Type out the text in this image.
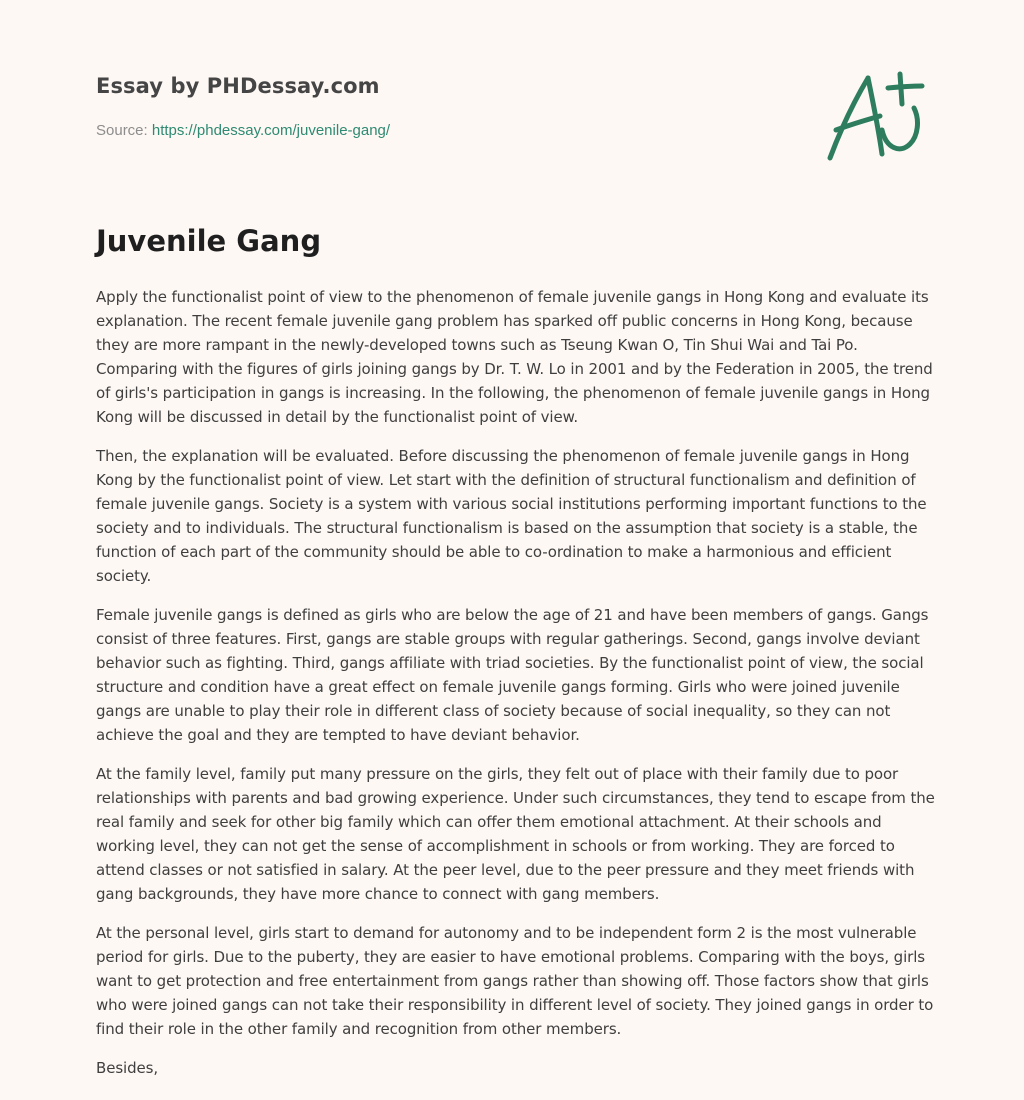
Essay by PHDessay.com
Source: https://phdessay.com/juvenile-gang/
Juvenile Gang

Apply the functionalist point of view to the phenomenon of female juvenile gangs in Hong Kong and evaluate its explanation. The recent female juvenile gang problem has sparked off public concerns in Hong Kong, because they are more rampant in the newly-developed towns such as Tseung Kwan O, Tin Shui Wai and Tai Po. Comparing with the figures of girls joining gangs by Dr. T. W. Lo in 2001 and by the Federation in 2005, the trend of girls's participation in gangs is increasing. In the following, the phenomenon of female juvenile gangs in Hong Kong will be discussed in detail by the functionalist point of view.

Then, the explanation will be evaluated. Before discussing the phenomenon of female juvenile gangs in Hong Kong by the functionalist point of view. Let start with the definition of structural functionalism and definition of female juvenile gangs. Society is a system with various social institutions performing important functions to the society and to individuals. The structural functionalism is based on the assumption that society is a stable, the function of each part of the community should be able to co-ordination to make a harmonious and efficient society.

Female juvenile gangs is defined as girls who are below the age of 21 and have been members of gangs. Gangs consist of three features. First, gangs are stable groups with regular gatherings. Second, gangs involve deviant behavior such as fighting. Third, gangs affiliate with triad societies. By the functionalist point of view, the social structure and condition have a great effect on female juvenile gangs forming. Girls who were joined juvenile gangs are unable to play their role in different class of society because of social inequality, so they can not achieve the goal and they are tempted to have deviant behavior.

At the family level, family put many pressure on the girls, they felt out of place with their family due to poor relationships with parents and bad growing experience. Under such circumstances, they tend to escape from the real family and seek for other big family which can offer them emotional attachment. At their schools and working level, they can not get the sense of accomplishment in schools or from working. They are forced to attend classes or not satisfied in salary. At the peer level, due to the peer pressure and they meet friends with gang backgrounds, they have more chance to connect with gang members.

At the personal level, girls start to demand for autonomy and to be independent form 2 is the most vulnerable period for girls. Due to the puberty, they are easier to have emotional problems. Comparing with the boys, girls want to get protection and free entertainment from gangs rather than showing off. Those factors show that girls who were joined gangs can not take their responsibility in different level of society. They joined gangs in order to find their role in the other family and recognition from other members.

Besides,
